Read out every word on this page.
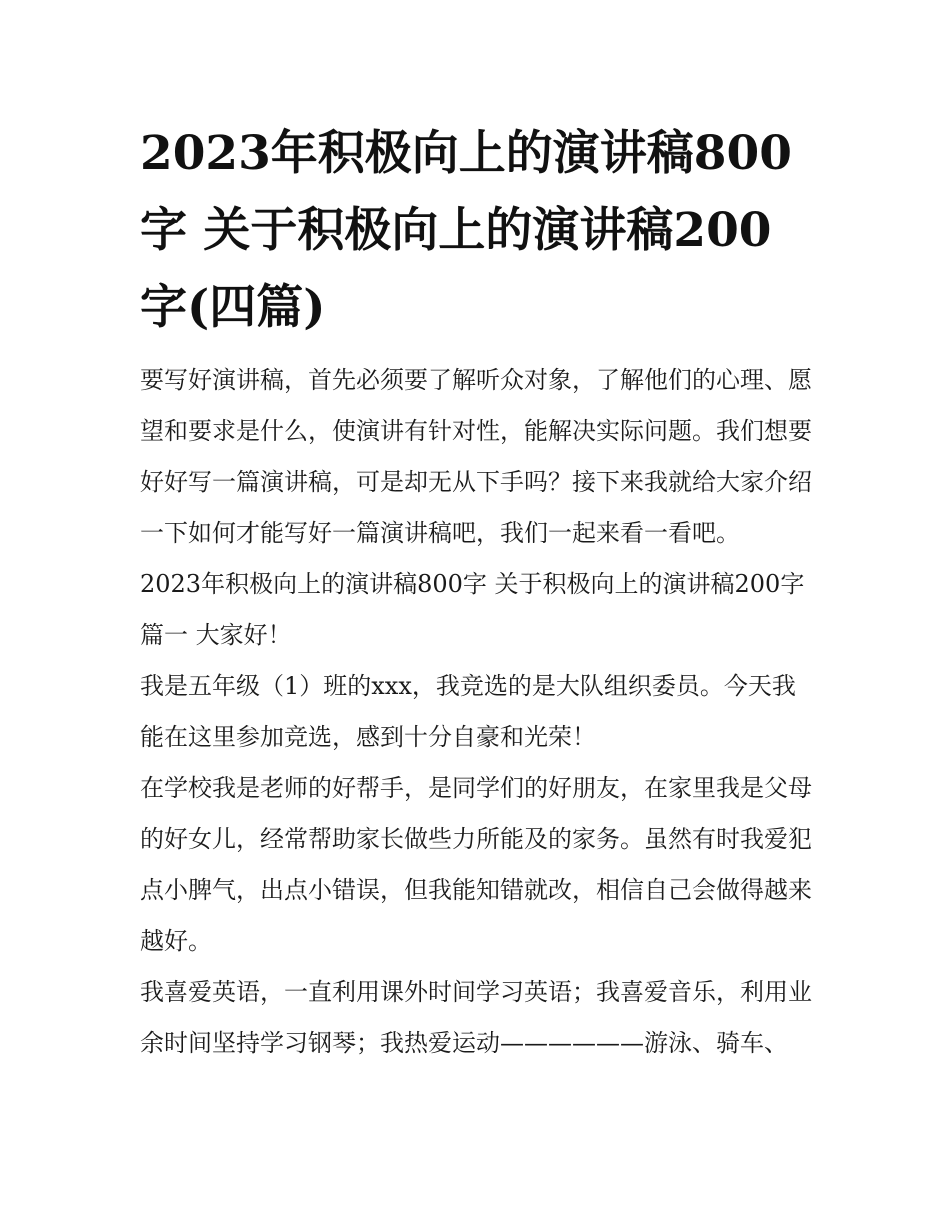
2023年积极向上的演讲稿800字 关于积极向上的演讲稿200字(四篇)

要写好演讲稿，首先必须要了解听众对象，了解他们的心理、愿望和要求是什么，使演讲有针对性，能解决实际问题。我们想要好好写一篇演讲稿，可是却无从下手吗？接下来我就给大家介绍一下如何才能写好一篇演讲稿吧，我们一起来看一看吧。

2023年积极向上的演讲稿800字 关于积极向上的演讲稿200字篇一 大家好！

我是五年级（1）班的xxx，我竞选的是大队组织委员。今天我能在这里参加竞选，感到十分自豪和光荣！

在学校我是老师的好帮手，是同学们的好朋友，在家里我是父母的好女儿，经常帮助家长做些力所能及的家务。虽然有时我爱犯点小脾气，出点小错误，但我能知错就改，相信自己会做得越来越好。

我喜爱英语，一直利用课外时间学习英语；我喜爱音乐，利用业余时间坚持学习钢琴；我热爱运动——————游泳、骑车、
